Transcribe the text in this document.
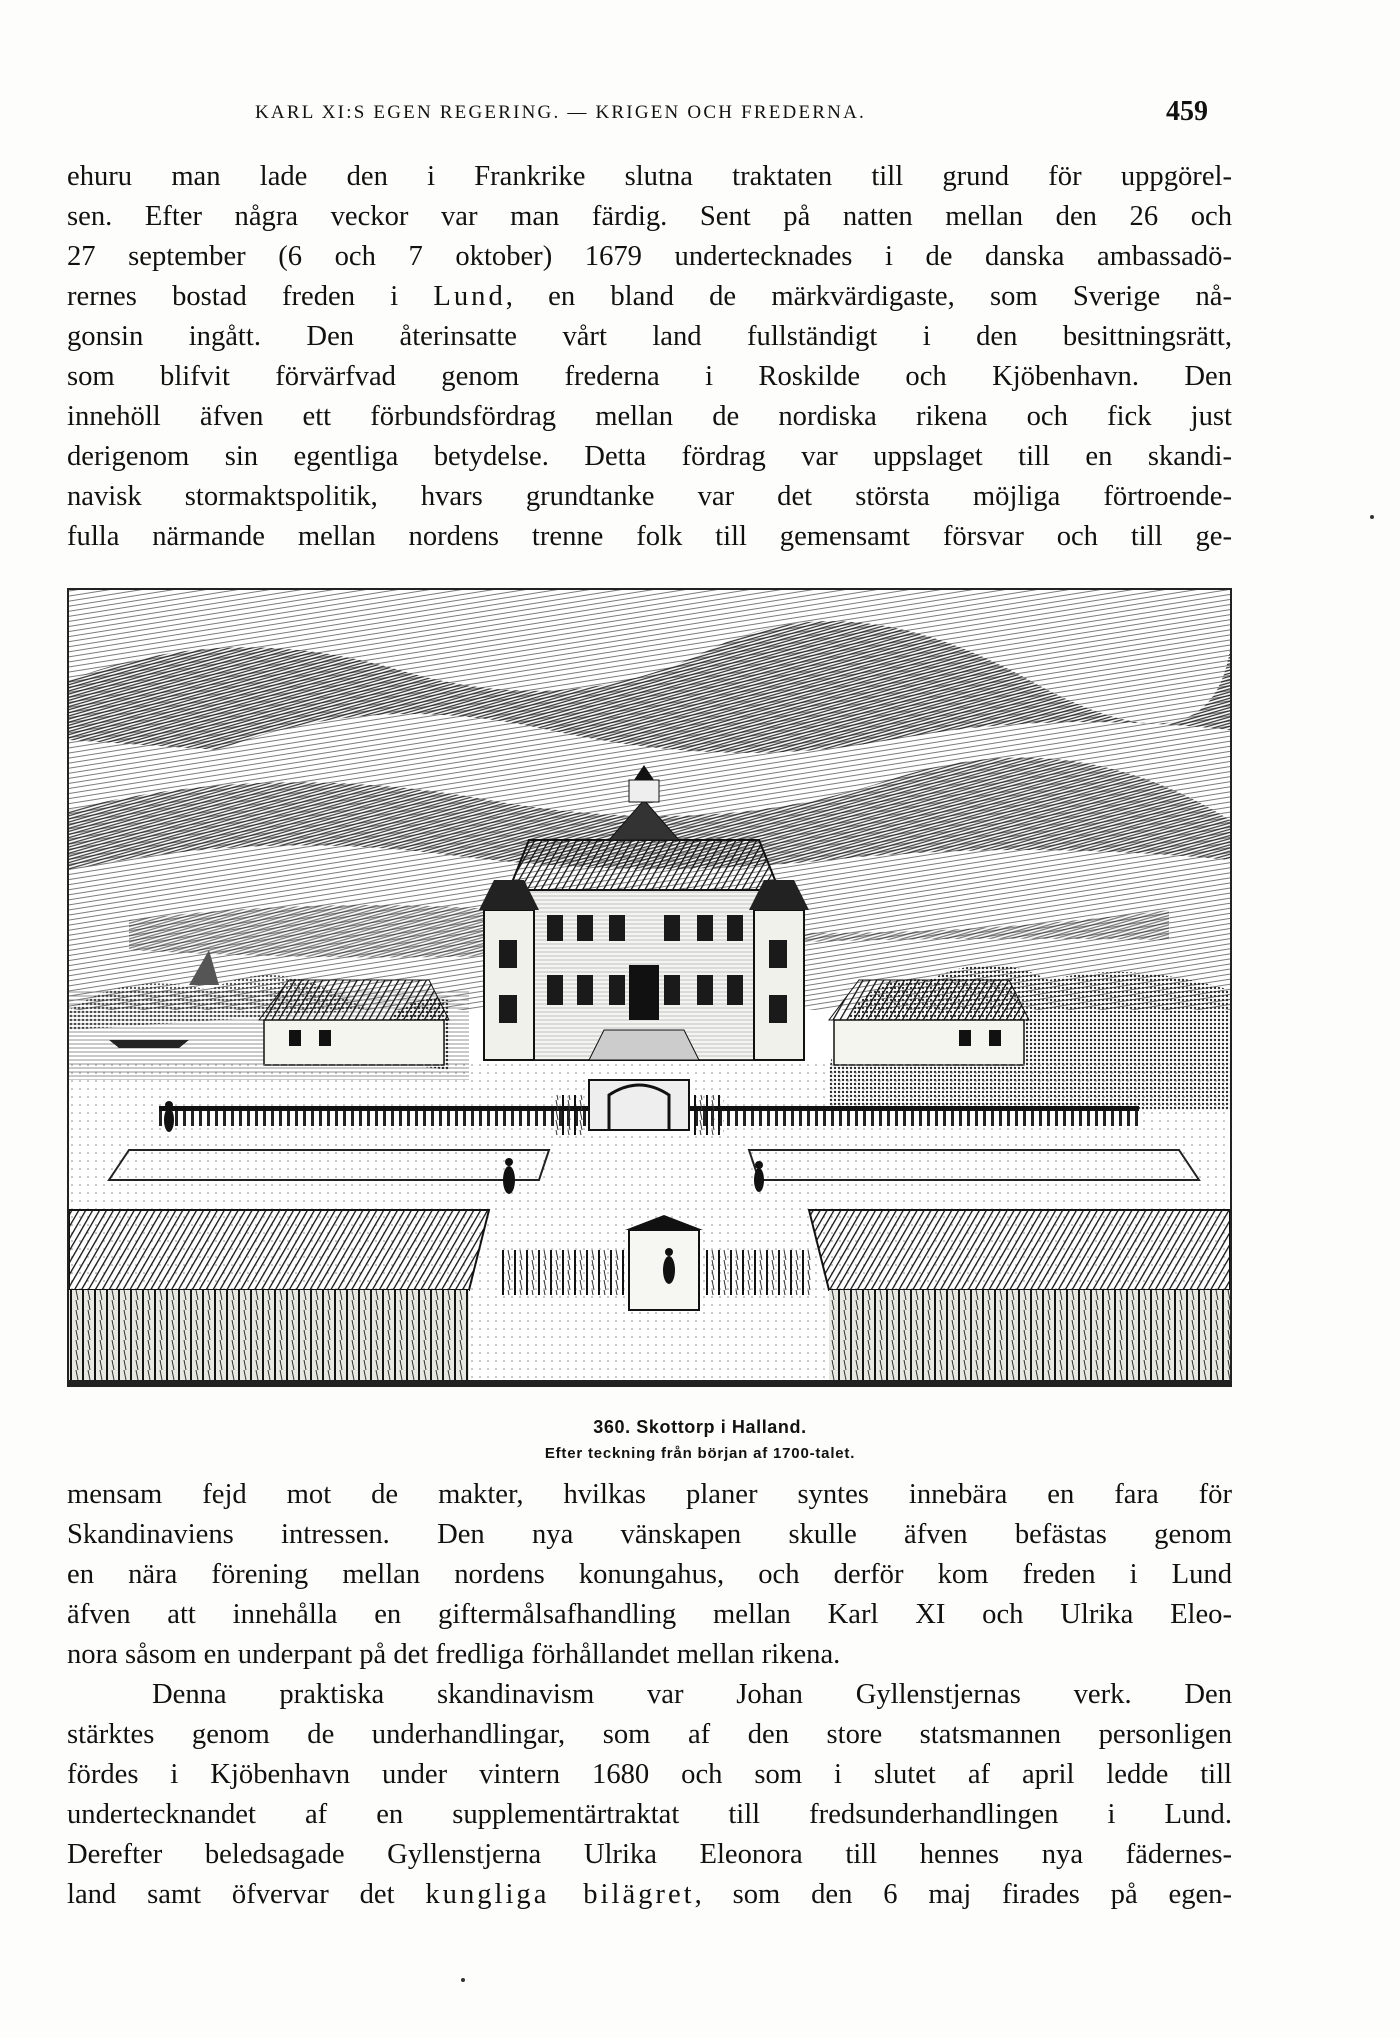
KARL XI:S EGEN REGERING. — KRIGEN OCH FREDERNA.	459
ehuru man lade den i Frankrike slutna traktaten till grund för uppgörel-
sen. Efter några veckor var man färdig. Sent på natten mellan den 26 och
27 september (6 och 7 oktober) 1679 undertecknades i de danska ambassadö-
rernes bostad freden i Lund, en bland de märkvärdigaste, som Sverige nå-
gonsin ingått. Den återinsatte vårt land fullständigt i den besittningsrätt,
som blifvit förvärfvad genom frederna i Roskilde och Kjöbenhavn. Den
innehöll äfven ett förbundsfördrag mellan de nordiska rikena och fick just
derigenom sin egentliga betydelse. Detta fördrag var uppslaget till en skandi-
navisk stormaktspolitik, hvars grundtanke var det största möjliga förtroende-
fulla närmande mellan nordens trenne folk till gemensamt försvar och till ge-
360. Skottorp i Halland.
Efter teckning från början af 1700-talet.
mensam fejd mot de makter, hvilkas planer syntes innebära en fara för
Skandinaviens intressen. Den nya vänskapen skulle äfven befästas genom
en nära förening mellan nordens konungahus, och derför kom freden i Lund
äfven att innehålla en giftermålsafhandling mellan Karl XI och Ulrika Eleo-
nora såsom en underpant på det fredliga förhållandet mellan rikena.
Denna praktiska skandinavism var Johan Gyllenstjernas verk. Den
stärktes genom de underhandlingar, som af den store statsmannen personligen
fördes i Kjöbenhavn under vintern 1680 och som i slutet af april ledde till
undertecknandet af en supplementärtraktat till fredsunderhandlingen i Lund.
Derefter beledsagade Gyllenstjerna Ulrika Eleonora till hennes nya fädernes-
land samt öfvervar det kungliga bilägret, som den 6 maj firades på egen-
